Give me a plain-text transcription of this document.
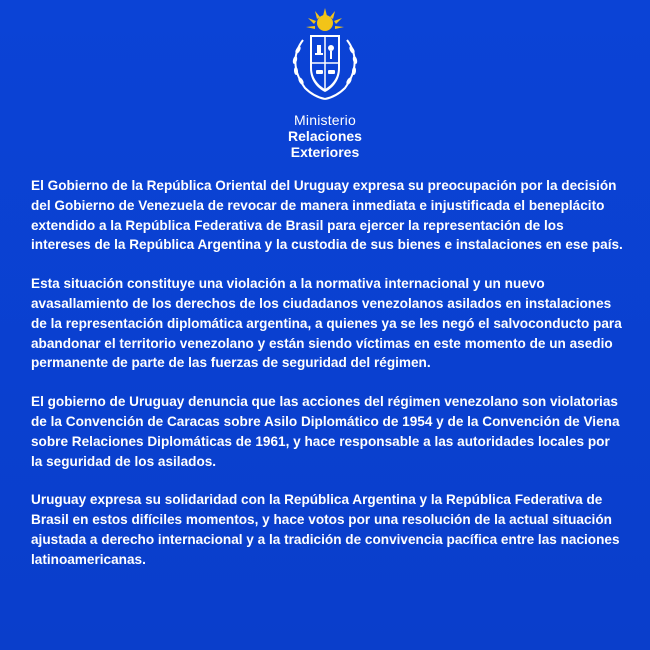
Ministerio
Relaciones
Exteriores

El Gobierno de la República Oriental del Uruguay expresa su preocupación por la decisión del Gobierno de Venezuela de revocar de manera inmediata e injustificada el beneplácito extendido a la República Federativa de Brasil para ejercer la representación de los intereses de la República Argentina y la custodia de sus bienes e instalaciones en ese país.

Esta situación constituye una violación a la normativa internacional y un nuevo avasallamiento de los derechos de los ciudadanos venezolanos asilados en instalaciones de la representación diplomática argentina, a quienes ya se les negó el salvoconducto para abandonar el territorio venezolano y están siendo víctimas en este momento de un asedio permanente de parte de las fuerzas de seguridad del régimen.

El gobierno de Uruguay denuncia que las acciones del régimen venezolano son violatorias de la Convención de Caracas sobre Asilo Diplomático de 1954 y de la Convención de Viena sobre Relaciones Diplomáticas de 1961, y hace responsable a las autoridades locales por la seguridad de los asilados.

Uruguay expresa su solidaridad con la República Argentina y la República Federativa de Brasil en estos difíciles momentos, y hace votos por una resolución de la actual situación ajustada a derecho internacional y a la tradición de convivencia pacífica entre las naciones latinoamericanas.
